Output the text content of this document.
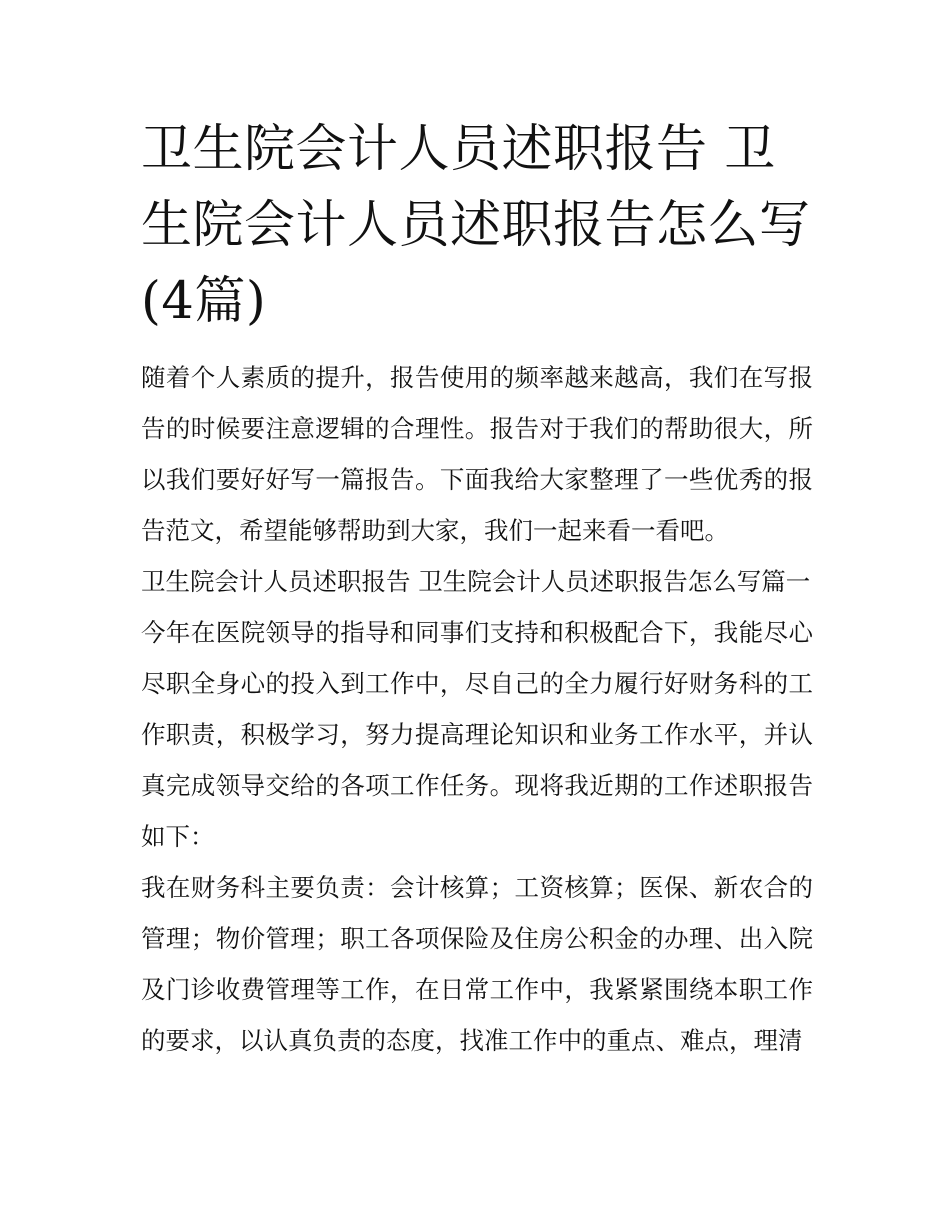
卫生院会计人员述职报告 卫生院会计人员述职报告怎么写(4篇)

随着个人素质的提升，报告使用的频率越来越高，我们在写报告的时候要注意逻辑的合理性。报告对于我们的帮助很大，所以我们要好好写一篇报告。下面我给大家整理了一些优秀的报告范文，希望能够帮助到大家，我们一起来看一看吧。

卫生院会计人员述职报告 卫生院会计人员述职报告怎么写篇一

今年在医院领导的指导和同事们支持和积极配合下，我能尽心尽职全身心的投入到工作中，尽自己的全力履行好财务科的工作职责，积极学习，努力提高理论知识和业务工作水平，并认真完成领导交给的各项工作任务。现将我近期的工作述职报告如下：

我在财务科主要负责：会计核算；工资核算；医保、新农合的管理；物价管理；职工各项保险及住房公积金的办理、出入院及门诊收费管理等工作，在日常工作中，我紧紧围绕本职工作的要求，以认真负责的态度，找准工作中的重点、难点，理清
